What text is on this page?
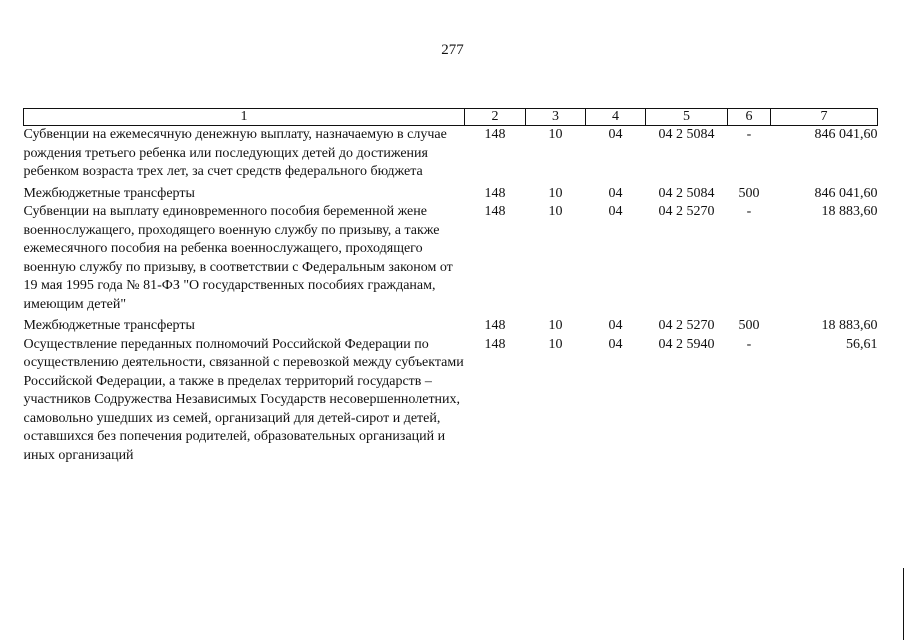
277
1	2	3	4	5	6	7
Субвенции на ежемесячную денежную выплату, назначаемую в случае рождения третьего ребенка или последующих детей до достижения ребенком возраста трех лет, за счет средств федерального бюджета	148	10	04	04 2 5084	-	846 041,60
Межбюджетные трансферты	148	10	04	04 2 5084	500	846 041,60
Субвенции на выплату единовременного пособия беременной жене военнослужащего, проходящего военную службу по призыву, а также ежемесячного пособия на ребенка военнослужащего, проходящего военную службу по призыву, в соответствии с Федеральным законом от 19 мая 1995 года № 81-ФЗ "О государственных пособиях гражданам, имеющим детей"	148	10	04	04 2 5270	-	18 883,60
Межбюджетные трансферты	148	10	04	04 2 5270	500	18 883,60
Осуществление переданных полномочий Российской Федерации по осуществлению деятельности, связанной с перевозкой между субъектами Российской Федерации, а также в пределах территорий государств – участников Содружества Независимых Государств несовершеннолетних, самовольно ушедших из семей, организаций для детей-сирот и детей, оставшихся без попечения родителей, образовательных организаций и иных организаций	148	10	04	04 2 5940	-	56,61
